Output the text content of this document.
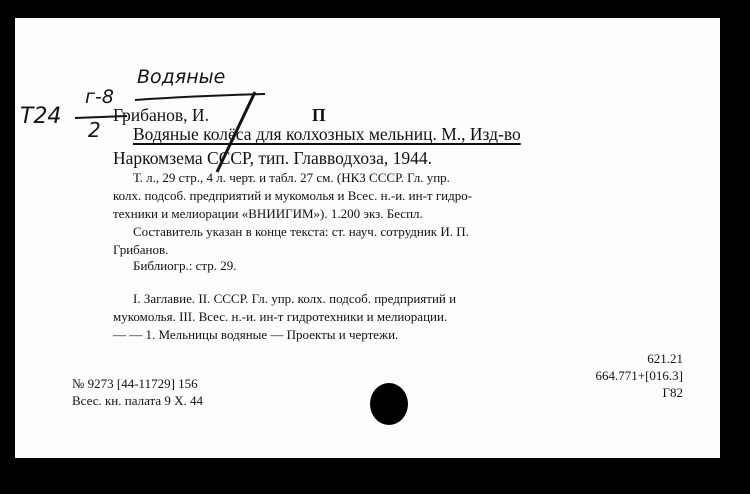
Водяные
Т24
г-8
2
Грибанов, И.	П
Водяные колёса для колхозных мельниц. М., Изд-во
Наркомзема СССР, тип. Главводхоза, 1944.
Т. л., 29 стр., 4 л. черт. и табл. 27 см. (НКЗ СССР. Гл. упр.
колх. подсоб. предприятий и мукомолья и Всес. н.-и. ин-т гидро-
техники и мелиорации «ВНИИГИМ»). 1.200 экз. Беспл.
Составитель указан в конце текста: ст. науч. сотрудник И. П.
Грибанов.
Библиогр.: стр. 29.
I. Заглавие. II. СССР. Гл. упр. колх. подсоб. предприятий и
мукомолья. III. Всес. н.-и. ин-т гидротехники и мелиорации.
— — 1. Мельницы водяные — Проекты и чертежи.
№ 9273 [44-11729] 156
Всес. кн. палата 9 X. 44
621.21
664.771+[016.3]
Г82
